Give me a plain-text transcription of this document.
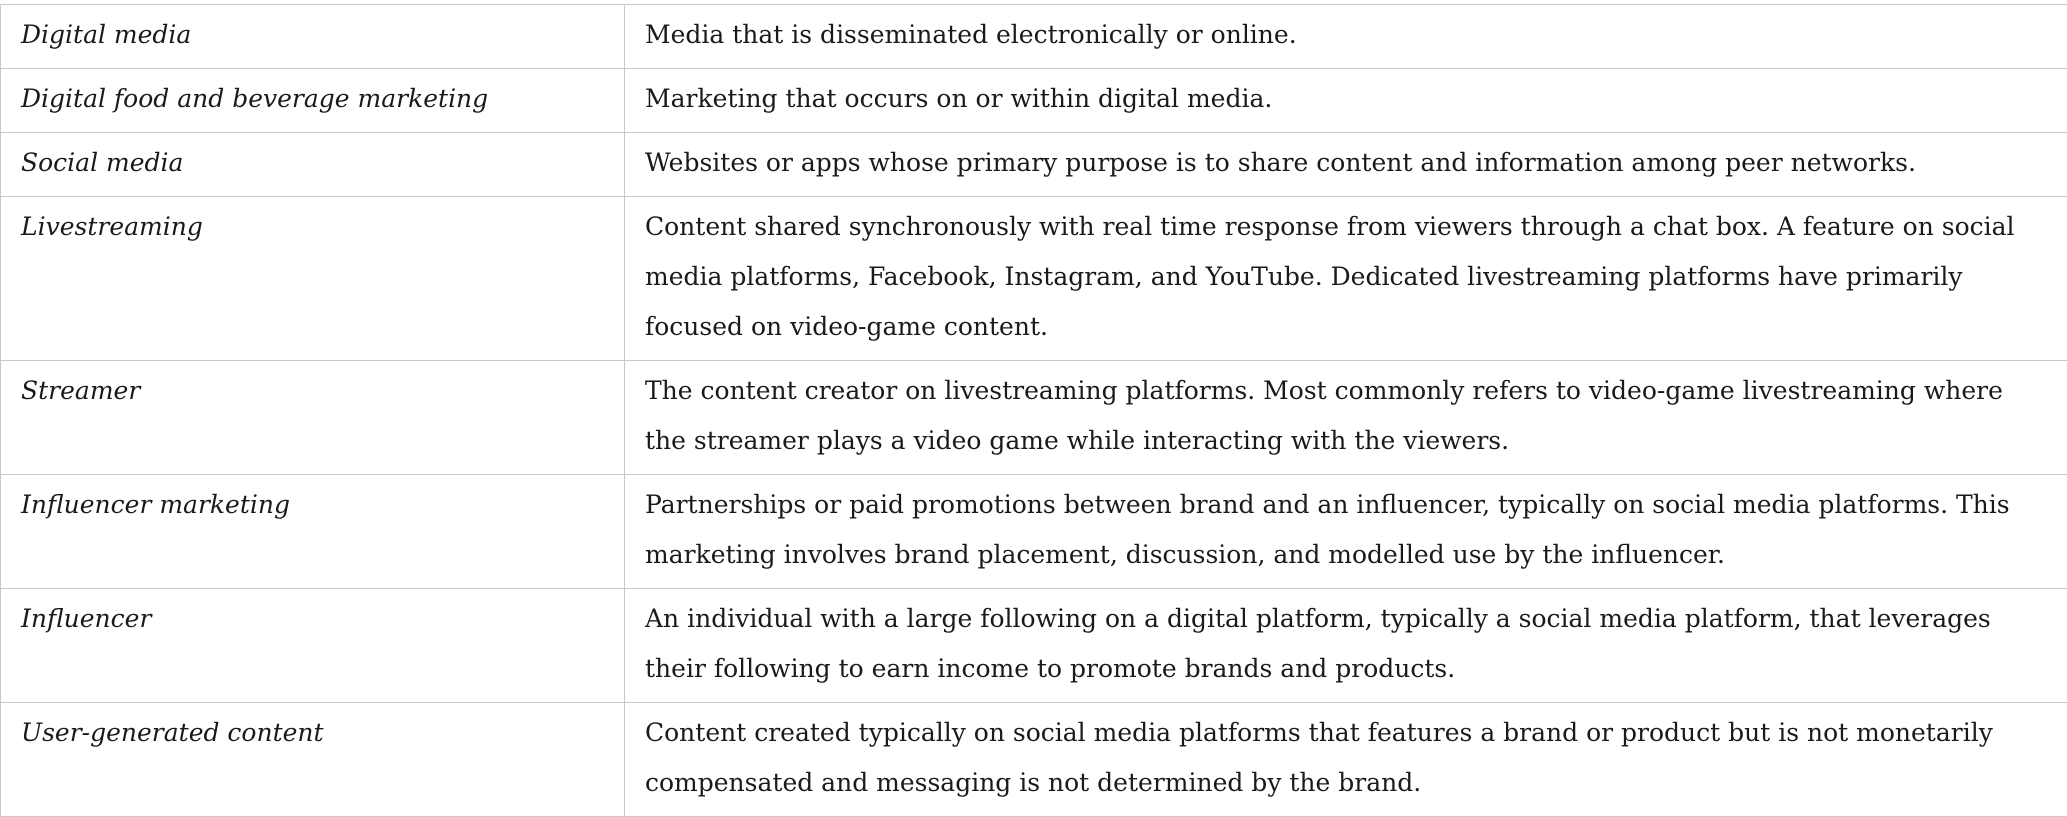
Digital media	Media that is disseminated electronically or online.

Digital food and beverage marketing	Marketing that occurs on or within digital media.

Social media	Websites or apps whose primary purpose is to share content and information among peer networks.

Livestreaming	Content shared synchronously with real time response from viewers through a chat box. A feature on social media platforms, Facebook, Instagram, and YouTube. Dedicated livestreaming platforms have primarily focused on video-game content.

Streamer	The content creator on livestreaming platforms. Most commonly refers to video-game livestreaming where the streamer plays a video game while interacting with the viewers.

Influencer marketing	Partnerships or paid promotions between brand and an influencer, typically on social media platforms. This marketing involves brand placement, discussion, and modelled use by the influencer.

Influencer	An individual with a large following on a digital platform, typically a social media platform, that leverages their following to earn income to promote brands and products.

User-generated content	Content created typically on social media platforms that features a brand or product but is not monetarily compensated and messaging is not determined by the brand.
